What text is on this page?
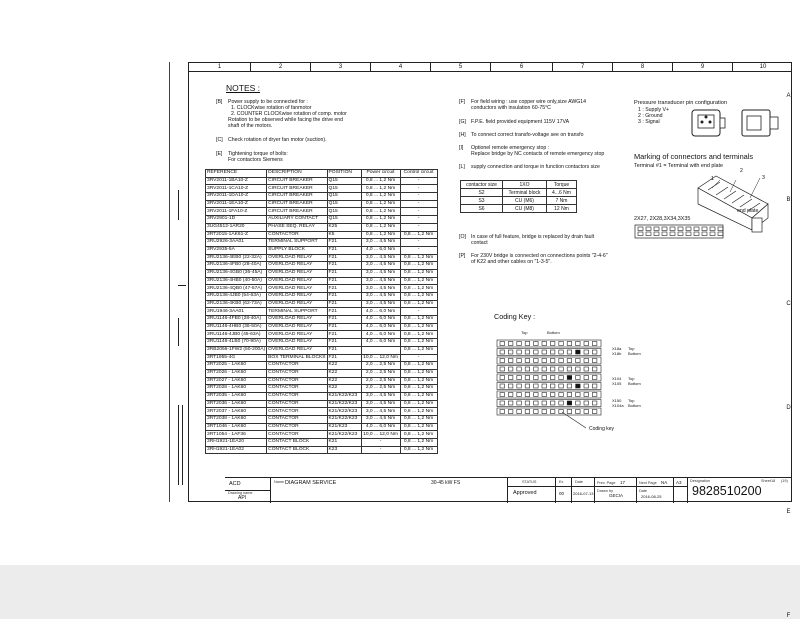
1	2	3	4	5	6	7	8	9	10
A
B
C
D
E
F
NOTES :
[B] Power supply to be connected for :
1. CLOCKwise rotation of fanmotor
2. COUNTER CLOCKwise rotation of comp. motor
Rotation to be observed while facing the drive end
shaft of the motors.
[C] Check rotation of dryer fan motor (suction).
[E] Tightening torque of bolts:
For contactors Siemens
REFERENCE	DESCRIPTION	POSITION	Power circuit	Control circuit
3RV2011-1BA10-Z	CIRCUIT BREAKER	Q15	0,8 ... 1,2 Nm	-
3RV2011-1CA10-Z	CIRCUIT BREAKER	Q15	0,8 ... 1,2 Nm	-
3RV2011-1DA10-Z	CIRCUIT BREAKER	Q15	0,8 ... 1,2 Nm	-
3RV2011-1EA10-Z	CIRCUIT BREAKER	Q15	0,8 ... 1,2 Nm	-
3RV2011-1FA10-Z	CIRCUIT BREAKER	Q15	0,8 ... 1,2 Nm	-
3RV2901-1D	AUXILIARY CONTACT	Q15	0,8 ... 1,2 Nm	-
3UG4512-1AR20	PHASE SEQ. RELAY	K25	0,8 ... 1,2 Nm	-
3RT2015-1AK61-Z	CONTACTOR	K5	0,8 ... 1,2 Nm	0,8 ... 1,2 Nm
3RU2926-3AA01	TERMINAL SUPPORT	F21	3,0 ... 4,5 Nm	-
3RV2935-5A	SUPPLY BLOCK	F21	4,0 ... 6,0 Nm	-
3RU2136-4EB0 (22-32A)	OVERLOAD RELAY	F21	3,0 ... 4,5 Nm	0,8 ... 1,2 Nm
3RU2136-4FB0 (28-40A)	OVERLOAD RELAY	F21	3,0 ... 4,5 Nm	0,8 ... 1,2 Nm
3RU2136-4GB0 (36-45A)	OVERLOAD RELAY	F21	3,0 ... 4,5 Nm	0,8 ... 1,2 Nm
3RU2136-4HB0 (40-50A)	OVERLOAD RELAY	F21	3,0 ... 4,5 Nm	0,8 ... 1,2 Nm
3RU2136-4QB0 (47-57A)	OVERLOAD RELAY	F21	3,0 ... 4,5 Nm	0,8 ... 1,2 Nm
3RU2136-4JB0 (54-63A)	OVERLOAD RELAY	F21	3,0 ... 4,5 Nm	0,8 ... 1,2 Nm
3RU2136-4KB0 (62-73A)	OVERLOAD RELAY	F21	3,0 ... 4,5 Nm	0,8 ... 1,2 Nm
3RU1946-3AA01	TERMINAL SUPPORT	F21	4,0 ... 6,0 Nm	-
3RU1146-4FB0 (28-40A)	OVERLOAD RELAY	F21	4,0 ... 6,0 Nm	0,8 ... 1,2 Nm
3RU1146-4HB0 (36-50A)	OVERLOAD RELAY	F21	4,0 ... 6,0 Nm	0,8 ... 1,2 Nm
3RU1146-4JB0 (45-63A)	OVERLOAD RELAY	F21	4,0 ... 6,0 Nm	0,8 ... 1,2 Nm
3RU1146-4LB0 (70-90A)	OVERLOAD RELAY	F21	4,0 ... 6,0 Nm	0,8 ... 1,2 Nm
3RB2056-1FW2 (50-200A)	OVERLOAD RELAY	F21		0,8 ... 1,2 Nm
3RT1955-4G	BOX TERMINAL BLOCKS	F21	10,0 ... 12,0 Nm	-
3RT2025 - 1AK60	CONTACTOR	K22	2,0 ... 2,5 Nm	0,8 ... 1,2 Nm
3RT2026 - 1AK60	CONTACTOR	K22	2,0 ... 2,5 Nm	0,8 ... 1,2 Nm
3RT2027 - 1AK60	CONTACTOR	K22	2,0 ... 2,5 Nm	0,8 ... 1,2 Nm
3RT2028 - 1AK60	CONTACTOR	K22	2,0 ... 2,5 Nm	0,8 ... 1,2 Nm
3RT2035 - 1AK60	CONTACTOR	K21/K22/K23	3,0 ... 4,5 Nm	0,8 ... 1,2 Nm
3RT2036 - 1AK60	CONTACTOR	K21/K22/K23	3,0 ... 4,5 Nm	0,8 ... 1,2 Nm
3RT2037 - 1AK60	CONTACTOR	K21/K22/K23	3,0 ... 4,5 Nm	0,8 ... 1,2 Nm
3RT2038 - 1AK60	CONTACTOR	K21/K22/K23	3,0 ... 4,5 Nm	0,8 ... 1,2 Nm
3RT1046 - 1AK60	CONTACTOR	K21/K23	4,0 ... 6,0 Nm	0,8 ... 1,2 Nm
3RT1054 - 1AF36	CONTACTOR	K21/K22/K23	10,0 ... 12,0 Nm	0,8 ... 1,2 Nm
3RH1921-1EA20	CONTACT BLOCK	K21	-	0,8 ... 1,2 Nm
3RH1921-1EA02	CONTACT BLOCK	K23	-	0,8 ... 1,2 Nm
[F] For field wiring : use copper wire only,size AWG14
conductors with insulation 60-75°C
[G] F.P.E. field provided equipment 115V 17VA
[H] To connect correct transfo-voltage see on transfo
[I] Optionel remote emergency stop :
Replace bridge by NC contacts of remote emergency stop
[L] supply connection and torque in function contactors size
contactor size	1XO	Torque
S2	Terminal block	4...6 Nm
S3	CU (M6)	7 Nm
S6	CU (M8)	12 Nm
[O] In case of full feature, bridge is replaced by drain fault
contact
[P] For 230V bridge is connected on connections points "2-4-6"
of K22 and other cables on "1-3-5".
Pressure transducer pin configuration
1 : Supply V+
2 : Ground
3 : Signal
Marking of connectors and terminals
Terminal #1 = Terminal with end plate
2
3
1
end plate
2X27, 2X28,3X34,3X35
Coding Key :
Top	Bottom
X18a Top
X18b Bottom
X104 Top
X105 Bottom
X150 Top
X104a Bottom
Coding key
ACD
Drawing name
API
Name DIAGRAM SERVICE	30-45 kW FS	STATUS
Approved
Ex
00
Date
2016-07-13
Prev. Page 17
Drawn by
GECIA
Next Page NA
Date
2016-08-25
A3 Designation	Sheet 18 (19)
9828510200
